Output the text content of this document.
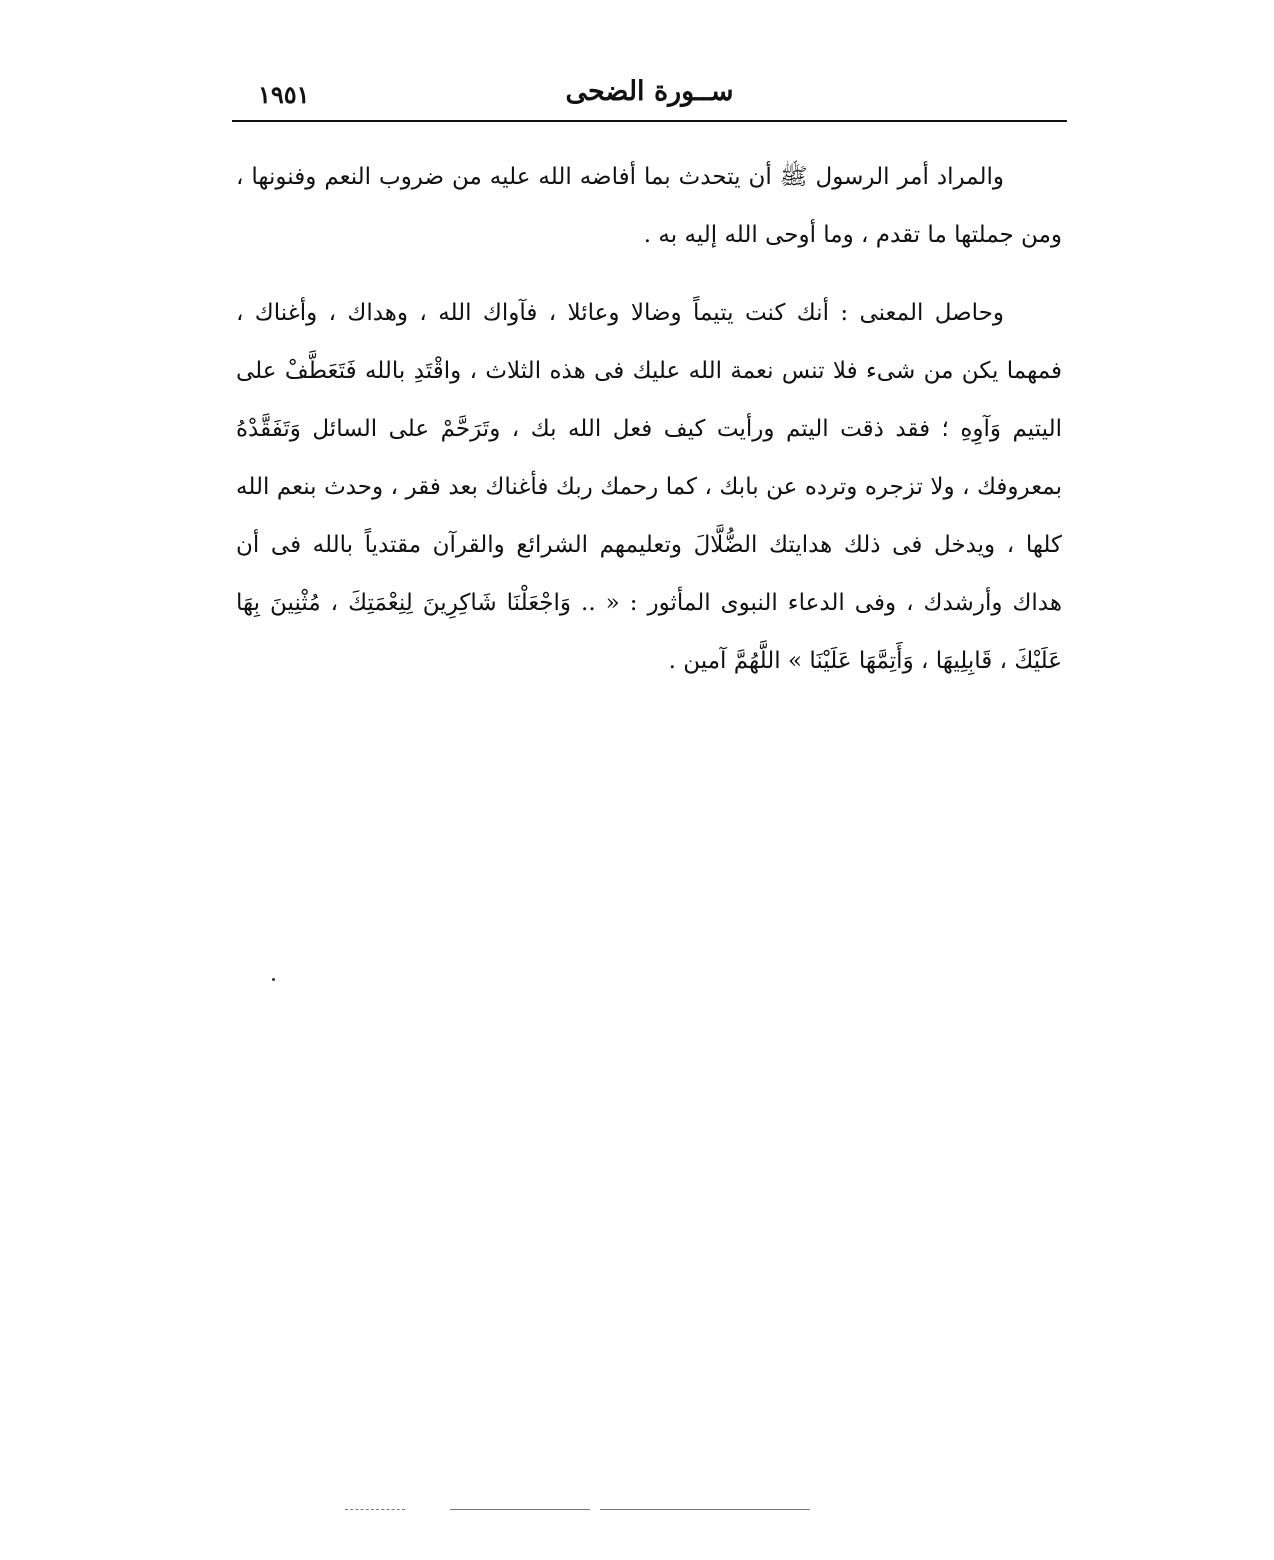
١٩٥١	ســورة الضحى

والمراد أمر الرسول ﷺ أن يتحدث بما أفاضه الله عليه من ضروب النعم وفنونها ، ومن جملتها ما تقدم ، وما أوحى الله إليه به .

وحاصل المعنى : أنك كنت يتيماً وضالا وعائلا ، فآواك الله ، وهداك ، وأغناك ، فمهما يكن من شىء فلا تنس نعمة الله عليك فى هذه الثلاث ، واقْتَدِ بالله فَتَعَطَّفْ على اليتيم وَآوِهِ ؛ فقد ذقت اليتم ورأيت كيف فعل الله بك ، وتَرَحَّمْ على السائل وَتَفَقَّدْهُ بمعروفك ، ولا تزجره وترده عن بابك ، كما رحمك ربك فأغناك بعد فقر ، وحدث بنعم الله كلها ، ويدخل فى ذلك هدايتك الضُّلَّالَ وتعليمهم الشرائع والقرآن مقتدياً بالله فى أن هداك وأرشدك ، وفى الدعاء النبوى المأثور : « .. وَاجْعَلْنَا شَاكِرِينَ لِنِعْمَتِكَ ، مُثْنِينَ بِهَا عَلَيْكَ ، قَابِلِيهَا ، وَأَتِمَّهَا عَلَيْنَا » اللَّهُمَّ آمين .
